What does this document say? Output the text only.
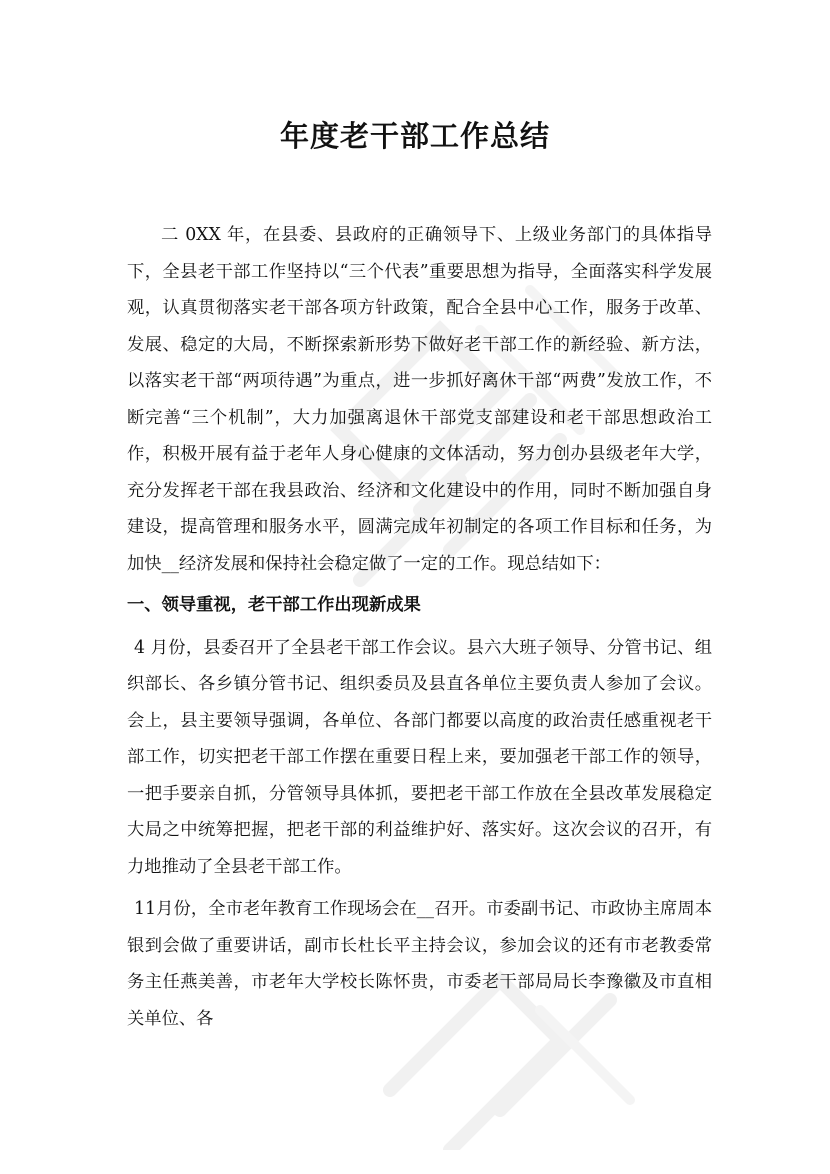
年度老干部工作总结

二 0XX 年，在县委、县政府的正确领导下、上级业务部门的具体指导下，全县老干部工作坚持以“三个代表”重要思想为指导，全面落实科学发展观，认真贯彻落实老干部各项方针政策，配合全县中心工作，服务于改革、发展、稳定的大局，不断探索新形势下做好老干部工作的新经验、新方法，以落实老干部“两项待遇”为重点，进一步抓好离休干部“两费”发放工作，不断完善“三个机制”，大力加强离退休干部党支部建设和老干部思想政治工作，积极开展有益于老年人身心健康的文体活动，努力创办县级老年大学，充分发挥老干部在我县政治、经济和文化建设中的作用，同时不断加强自身建设，提高管理和服务水平，圆满完成年初制定的各项工作目标和任务，为加快__经济发展和保持社会稳定做了一定的工作。现总结如下：

一、领导重视，老干部工作出现新成果

4 月份，县委召开了全县老干部工作会议。县六大班子领导、分管书记、组织部长、各乡镇分管书记、组织委员及县直各单位主要负责人参加了会议。会上，县主要领导强调，各单位、各部门都要以高度的政治责任感重视老干部工作，切实把老干部工作摆在重要日程上来，要加强老干部工作的领导，一把手要亲自抓，分管领导具体抓，要把老干部工作放在全县改革发展稳定大局之中统筹把握，把老干部的利益维护好、落实好。这次会议的召开，有力地推动了全县老干部工作。

11月份，全市老年教育工作现场会在__召开。市委副书记、市政协主席周本银到会做了重要讲话，副市长杜长平主持会议，参加会议的还有市老教委常务主任燕美善，市老年大学校长陈怀贵，市委老干部局局长李豫徽及市直相关单位、各
